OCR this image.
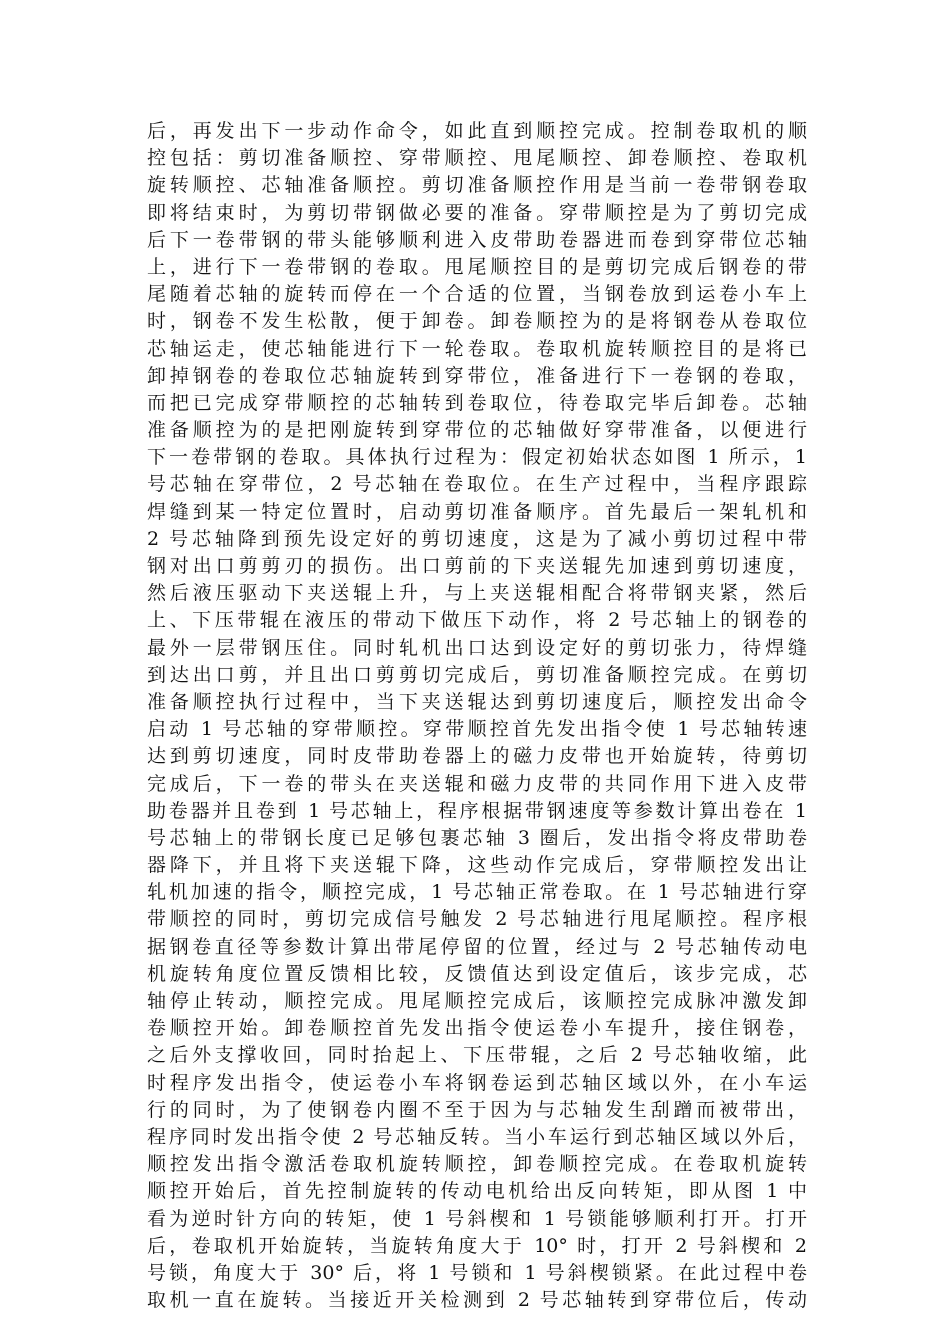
后，再发出下一步动作命令，如此直到顺控完成。控制卷取机的顺
控包括：剪切准备顺控、穿带顺控、甩尾顺控、卸卷顺控、卷取机
旋转顺控、芯轴准备顺控。剪切准备顺控作用是当前一卷带钢卷取
即将结束时，为剪切带钢做必要的准备。穿带顺控是为了剪切完成
后下一卷带钢的带头能够顺利进入皮带助卷器进而卷到穿带位芯轴
上，进行下一卷带钢的卷取。甩尾顺控目的是剪切完成后钢卷的带
尾随着芯轴的旋转而停在一个合适的位置，当钢卷放到运卷小车上
时，钢卷不发生松散，便于卸卷。卸卷顺控为的是将钢卷从卷取位
芯轴运走，使芯轴能进行下一轮卷取。卷取机旋转顺控目的是将已
卸掉钢卷的卷取位芯轴旋转到穿带位，准备进行下一卷钢的卷取，
而把已完成穿带顺控的芯轴转到卷取位，待卷取完毕后卸卷。芯轴
准备顺控为的是把刚旋转到穿带位的芯轴做好穿带准备，以便进行
下一卷带钢的卷取。具体执行过程为：假定初始状态如图 1 所示，1
号芯轴在穿带位，2 号芯轴在卷取位。在生产过程中，当程序跟踪
焊缝到某一特定位置时，启动剪切准备顺序。首先最后一架轧机和
2 号芯轴降到预先设定好的剪切速度，这是为了减小剪切过程中带
钢对出口剪剪刃的损伤。出口剪前的下夹送辊先加速到剪切速度，
然后液压驱动下夹送辊上升，与上夹送辊相配合将带钢夹紧，然后
上、下压带辊在液压的带动下做压下动作，将 2 号芯轴上的钢卷的
最外一层带钢压住。同时轧机出口达到设定好的剪切张力，待焊缝
到达出口剪，并且出口剪剪切完成后，剪切准备顺控完成。在剪切
准备顺控执行过程中，当下夹送辊达到剪切速度后，顺控发出命令
启动 1 号芯轴的穿带顺控。穿带顺控首先发出指令使 1 号芯轴转速
达到剪切速度，同时皮带助卷器上的磁力皮带也开始旋转，待剪切
完成后，下一卷的带头在夹送辊和磁力皮带的共同作用下进入皮带
助卷器并且卷到 1 号芯轴上，程序根据带钢速度等参数计算出卷在 1
号芯轴上的带钢长度已足够包裹芯轴 3 圈后，发出指令将皮带助卷
器降下，并且将下夹送辊下降，这些动作完成后，穿带顺控发出让
轧机加速的指令，顺控完成，1 号芯轴正常卷取。在 1 号芯轴进行穿
带顺控的同时，剪切完成信号触发 2 号芯轴进行甩尾顺控。程序根
据钢卷直径等参数计算出带尾停留的位置，经过与 2 号芯轴传动电
机旋转角度位置反馈相比较，反馈值达到设定值后，该步完成，芯
轴停止转动，顺控完成。甩尾顺控完成后，该顺控完成脉冲激发卸
卷顺控开始。卸卷顺控首先发出指令使运卷小车提升，接住钢卷，
之后外支撑收回，同时抬起上、下压带辊，之后 2 号芯轴收缩，此
时程序发出指令，使运卷小车将钢卷运到芯轴区域以外，在小车运
行的同时，为了使钢卷内圈不至于因为与芯轴发生刮蹭而被带出，
程序同时发出指令使 2 号芯轴反转。当小车运行到芯轴区域以外后，
顺控发出指令激活卷取机旋转顺控，卸卷顺控完成。在卷取机旋转
顺控开始后，首先控制旋转的传动电机给出反向转矩，即从图 1 中
看为逆时针方向的转矩，使 1 号斜楔和 1 号锁能够顺利打开。打开
后，卷取机开始旋转，当旋转角度大于 10° 时，打开 2 号斜楔和 2
号锁，角度大于 30° 后，将 1 号锁和 1 号斜楔锁紧。在此过程中卷
取机一直在旋转。当接近开关检测到 2 号芯轴转到穿带位后，传动
